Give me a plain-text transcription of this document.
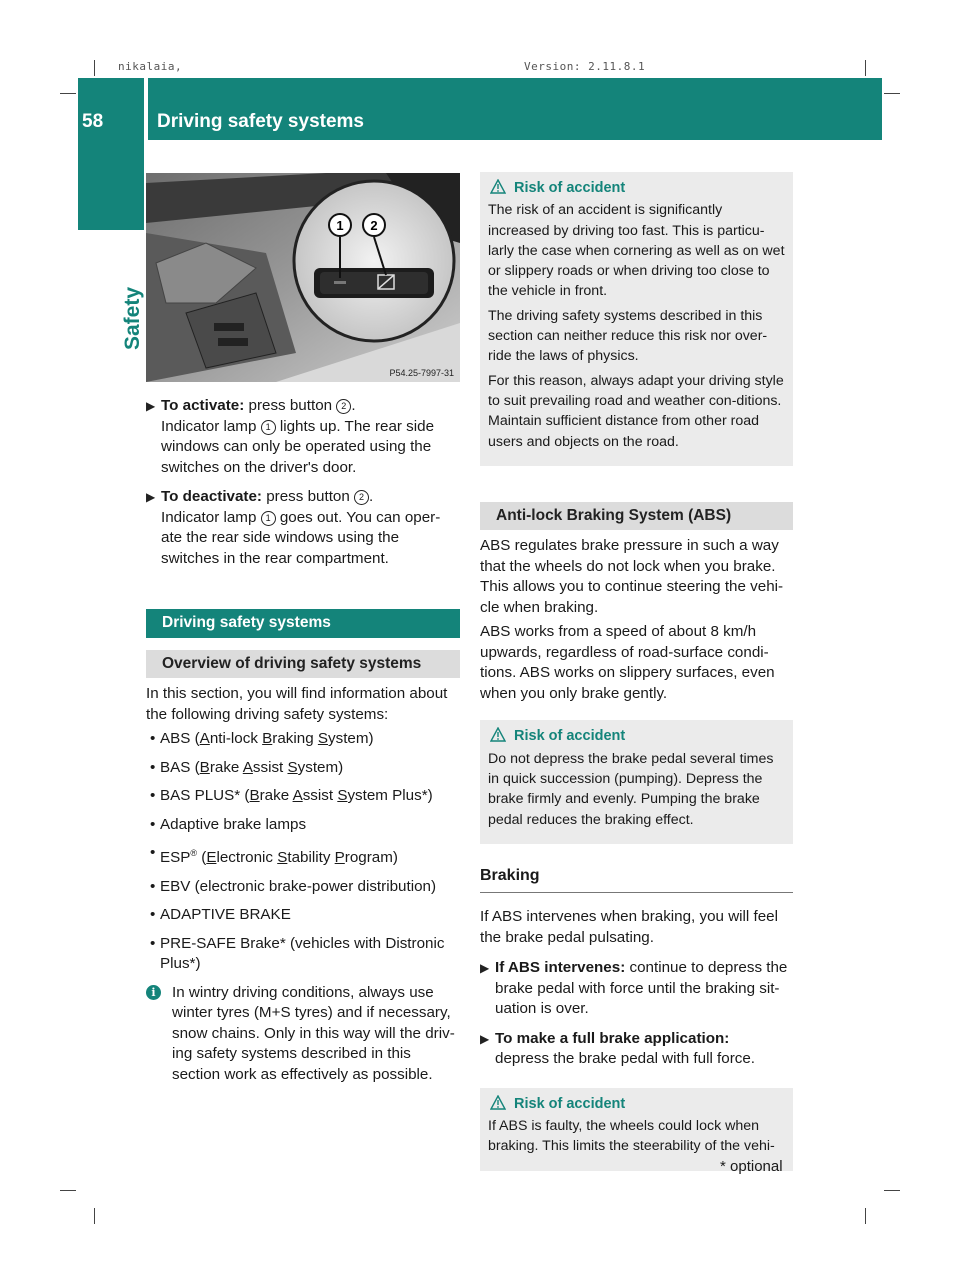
nikalaia,	Version: 2.11.8.1
58	Driving safety systems
Safety
1 2
P54.25-7997-31
▶ To activate: press button 2 .
Indicator lamp 1 lights up. The rear side windows can only be operated using the switches on the driver's door.
▶ To deactivate: press button 2 .
Indicator lamp 1 goes out. You can oper-ate the rear side windows using the switches in the rear compartment.
Driving safety systems
Overview of driving safety systems

In this section, you will find information about the following driving safety systems:

• ABS (Anti-lock Braking System)
• BAS (Brake Assist System)
• BAS PLUS* (Brake Assist System Plus*)
• Adaptive brake lamps
• ESP® (Electronic Stability Program)
• EBV (electronic brake-power distribution)
• ADAPTIVE BRAKE
• PRE-SAFE Brake* (vehicles with Distronic Plus*)
i	In wintry driving conditions, always use winter tyres (M+S tyres) and if necessary, snow chains. Only in this way will the driv-ing safety systems described in this section work as effectively as possible.
Risk of accident

The risk of an accident is significantly increased by driving too fast. This is particu-larly the case when cornering as well as on wet or slippery roads or when driving too close to the vehicle in front.

The driving safety systems described in this section can neither reduce this risk nor over-ride the laws of physics.

For this reason, always adapt your driving style to suit prevailing road and weather con-ditions. Maintain sufficient distance from other road users and objects on the road.

Anti-lock Braking System (ABS)

ABS regulates brake pressure in such a way that the wheels do not lock when you brake. This allows you to continue steering the vehi-cle when braking.

ABS works from a speed of about 8 km/h upwards, regardless of road-surface condi-tions. ABS works on slippery surfaces, even when you only brake gently.

Risk of accident

Do not depress the brake pedal several times in quick succession (pumping). Depress the brake firmly and evenly. Pumping the brake pedal reduces the braking effect.

Braking

If ABS intervenes when braking, you will feel the brake pedal pulsating.

▶ If ABS intervenes: continue to depress the brake pedal with force until the braking sit-uation is over.
▶ To make a full brake application:
depress the brake pedal with full force.
Risk of accident

If ABS is faulty, the wheels could lock when braking. This limits the steerability of the vehi-

* optional
